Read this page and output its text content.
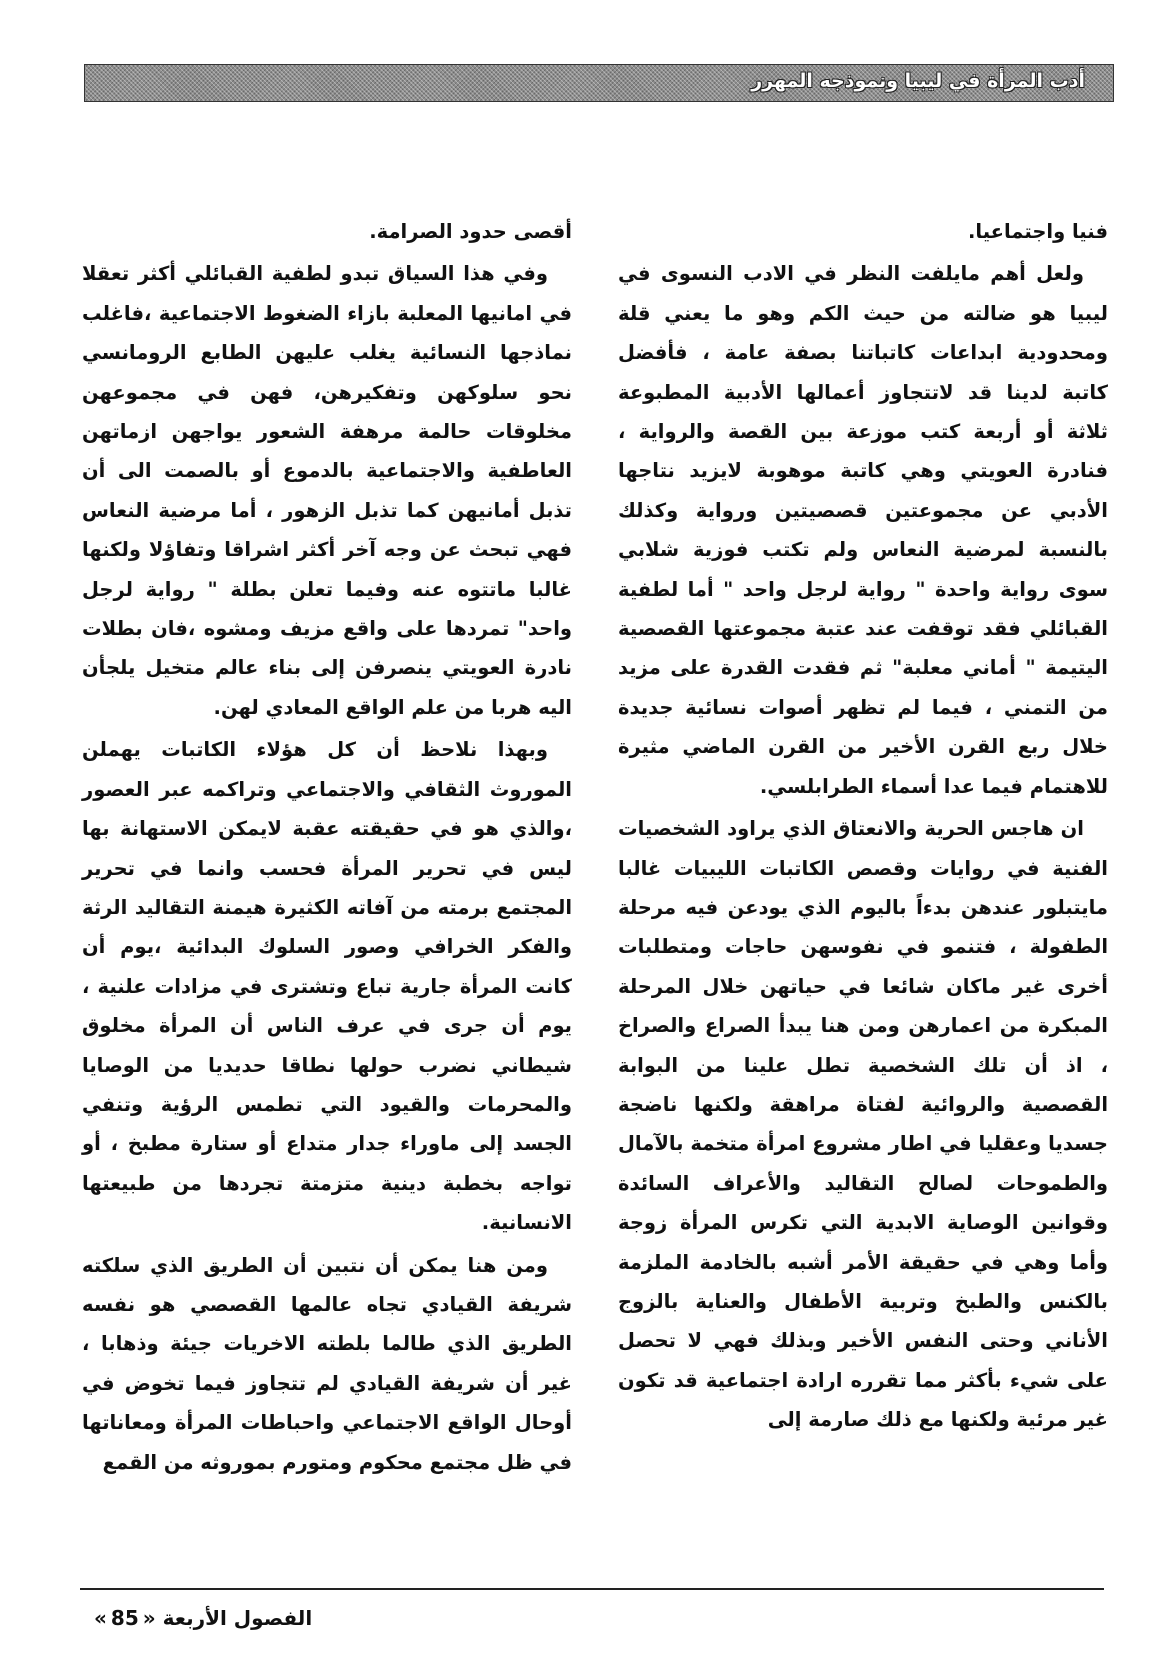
أدب المرأة في ليبيا ونموذجه المهرر

فنيا واجتماعيا.

ولعل أهم مايلفت النظر في الادب النسوى في ليبيا هو ضالته من حيث الكم وهو ما يعني قلة ومحدودية ابداعات كاتباتنا بصفة عامة ، فأفضل كاتبة لدينا قد لاتتجاوز أعمالها الأدبية المطبوعة ثلاثة أو أربعة كتب موزعة بين القصة والرواية ، فنادرة العويتي وهي كاتبة موهوبة لايزيد نتاجها الأدبي عن مجموعتين قصصيتين ورواية وكذلك بالنسبة لمرضية النعاس ولم تكتب فوزية شلابي سوى رواية واحدة " رواية لرجل واحد " أما لطفية القبائلي فقد توقفت عند عتبة مجموعتها القصصية اليتيمة " أماني معلبة" ثم فقدت القدرة على مزيد من التمني ، فيما لم تظهر أصوات نسائية جديدة خلال ربع القرن الأخير من القرن الماضي مثيرة للاهتمام فيما عدا أسماء الطرابلسي.

ان هاجس الحرية والانعتاق الذي يراود الشخصيات الفنية في روايات وقصص الكاتبات الليبيات غالبا مايتبلور عندهن بدءاً باليوم الذي يودعن فيه مرحلة الطفولة ، فتنمو في نفوسهن حاجات ومتطلبات أخرى غير ماكان شائعا في حياتهن خلال المرحلة المبكرة من اعمارهن ومن هنا يبدأ الصراع والصراخ ، اذ أن تلك الشخصية تطل علينا من البوابة القصصية والروائية لفتاة مراهقة ولكنها ناضجة جسديا وعقليا في اطار مشروع امرأة متخمة بالآمال والطموحات لصالح التقاليد والأعراف السائدة وقوانين الوصاية الابدية التي تكرس المرأة زوجة وأما وهي في حقيقة الأمر أشبه بالخادمة الملزمة بالكنس والطبخ وتربية الأطفال والعناية بالزوج الأناني وحتى النفس الأخير وبذلك فهي لا تحصل على شيء بأكثر مما تقرره ارادة اجتماعية قد تكون غير مرئية ولكنها مع ذلك صارمة إلى

أقصى حدود الصرامة.

وفي هذا السياق تبدو لطفية القبائلي أكثر تعقلا في امانيها المعلبة بازاء الضغوط الاجتماعية ،فاغلب نماذجها النسائية يغلب عليهن الطابع الرومانسي نحو سلوكهن وتفكيرهن، فهن في مجموعهن مخلوقات حالمة مرهفة الشعور يواجهن ازماتهن العاطفية والاجتماعية بالدموع أو بالصمت الى أن تذبل أمانيهن كما تذبل الزهور ، أما مرضية النعاس فهي تبحث عن وجه آخر أكثر اشراقا وتفاؤلا ولكنها غالبا ماتتوه عنه وفيما تعلن بطلة " رواية لرجل واحد" تمردها على واقع مزيف ومشوه ،فان بطلات نادرة العويتي ينصرفن إلى بناء عالم متخيل يلجأن اليه هربا من علم الواقع المعادي لهن.

وبهذا نلاحظ أن كل هؤلاء الكاتبات يهملن الموروث الثقافي والاجتماعي وتراكمه عبر العصور ،والذي هو في حقيقته عقبة لايمكن الاستهانة بها ليس في تحرير المرأة فحسب وانما في تحرير المجتمع برمته من آفاته الكثيرة هيمنة التقاليد الرثة والفكر الخرافي وصور السلوك البدائية ،يوم أن كانت المرأة جارية تباع وتشترى في مزادات علنية ، يوم أن جرى في عرف الناس أن المرأة مخلوق شيطاني نضرب حولها نطاقا حديديا من الوصايا والمحرمات والقيود التي تطمس الرؤية وتنفي الجسد إلى ماوراء جدار متداع أو ستارة مطبخ ، أو تواجه بخطبة دينية متزمتة تجردها من طبيعتها الانسانية.

ومن هنا يمكن أن نتبين أن الطريق الذي سلكته شريفة القيادي تجاه عالمها القصصي هو نفسه الطريق الذي طالما بلطته الاخريات جيئة وذهابا ، غير أن شريفة القيادي لم تتجاوز فيما تخوض في أوحال الواقع الاجتماعي واحباطات المرأة ومعاناتها في ظل مجتمع محكوم ومتورم بموروثه من القمع

الفصول الأربعة «85»
